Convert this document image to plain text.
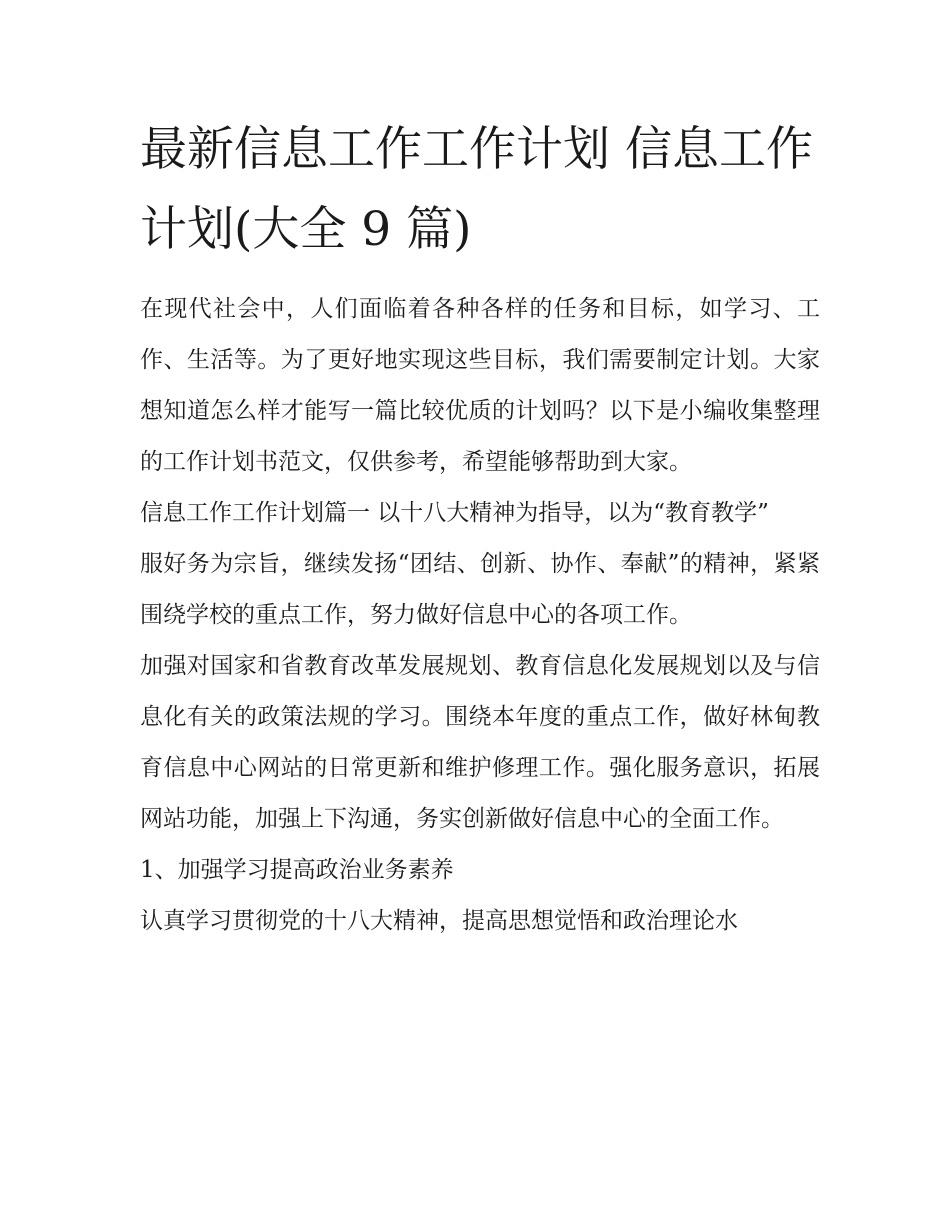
最新信息工作工作计划 信息工作计划(大全 9 篇)

在现代社会中，人们面临着各种各样的任务和目标，如学习、工作、生活等。为了更好地实现这些目标，我们需要制定计划。大家想知道怎么样才能写一篇比较优质的计划吗？以下是小编收集整理的工作计划书范文，仅供参考，希望能够帮助到大家。

信息工作工作计划篇一 以十八大精神为指导，以为“教育教学”

服好务为宗旨，继续发扬“团结、创新、协作、奉献”的精神，紧紧围绕学校的重点工作，努力做好信息中心的各项工作。

加强对国家和省教育改革发展规划、教育信息化发展规划以及与信息化有关的政策法规的学习。围绕本年度的重点工作，做好林甸教育信息中心网站的日常更新和维护修理工作。强化服务意识，拓展网站功能，加强上下沟通，务实创新做好信息中心的全面工作。

1、加强学习提高政治业务素养

认真学习贯彻党的十八大精神，提高思想觉悟和政治理论水
